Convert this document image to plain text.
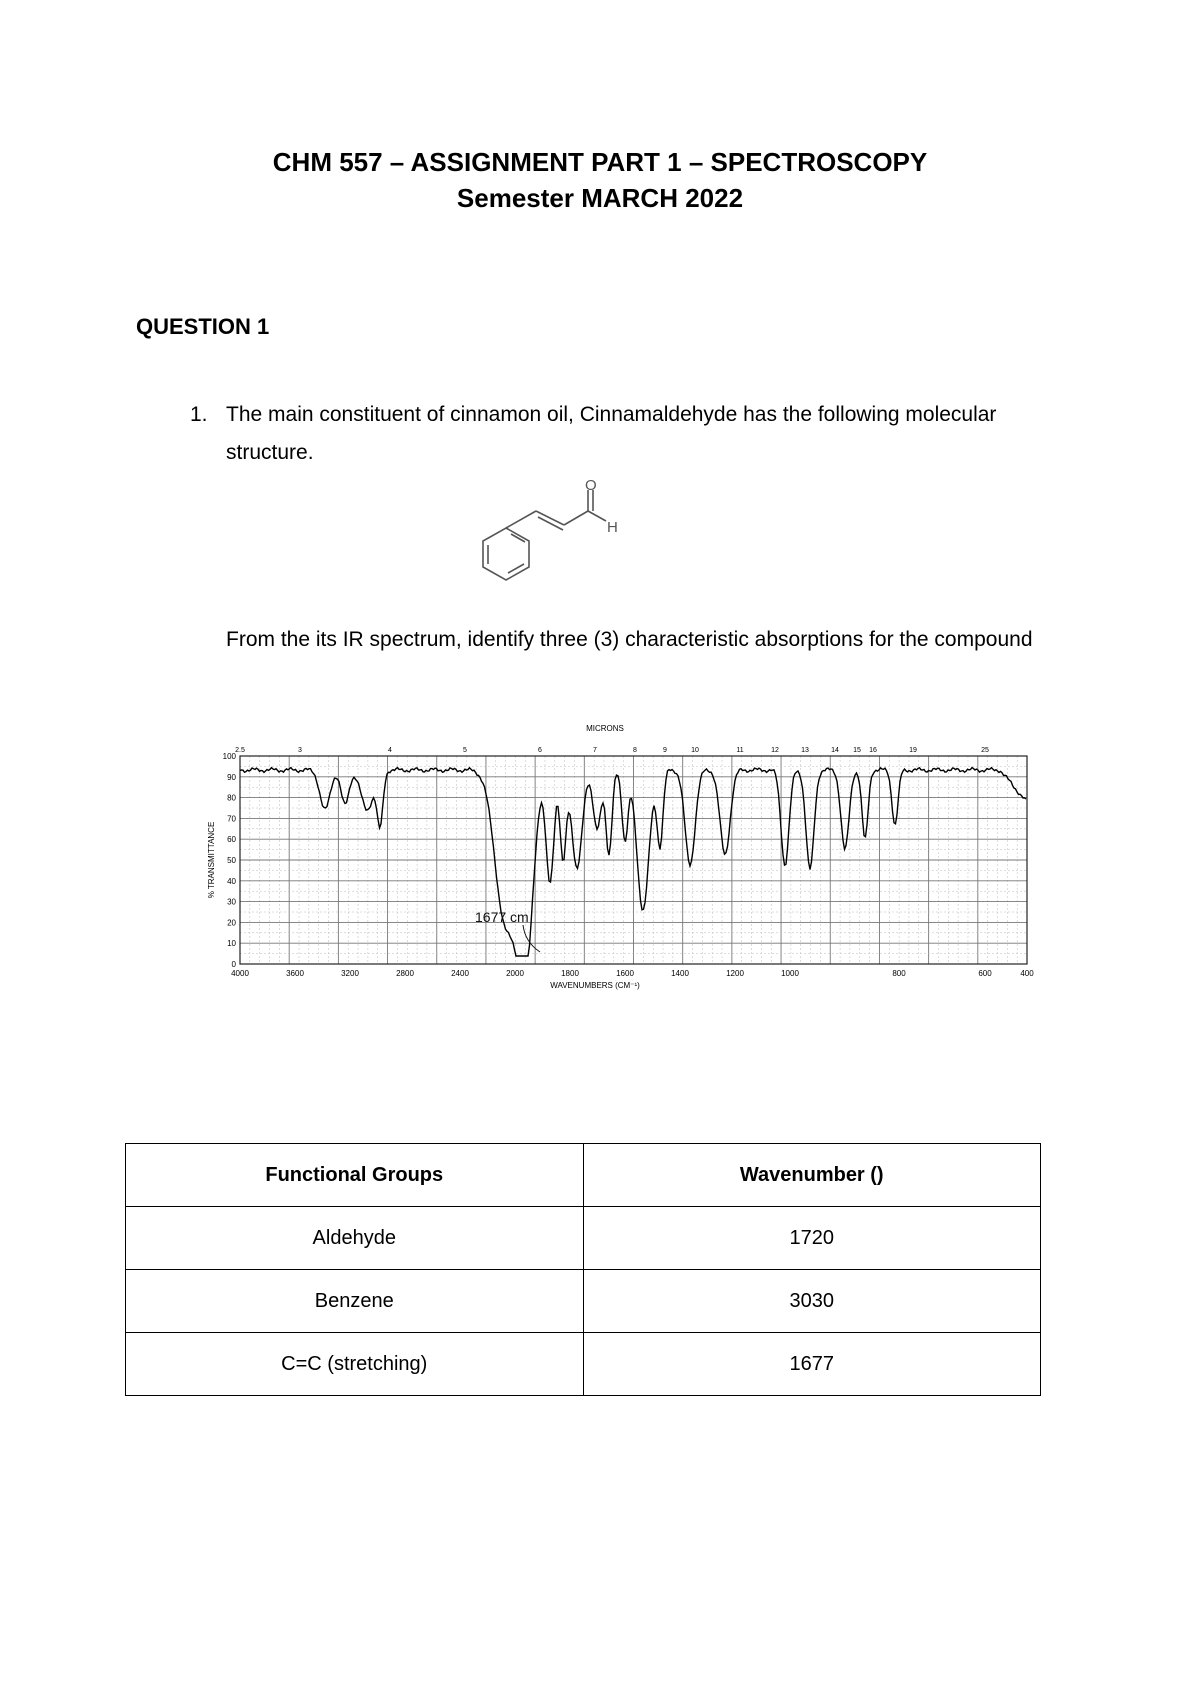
CHM 557 – ASSIGNMENT PART 1 – SPECTROSCOPY
Semester MARCH 2022
QUESTION 1
1. The main constituent of cinnamon oil, Cinnamaldehyde has the following molecular structure.
O
H
From the its IR spectrum, identify three (3) characteristic absorptions for the compound
100
90
80
70
60
50
40
30
20
10
0
4000	3600	3200	2800	2400	2000	1800	1600	1400	1200	1000	800	600	400
2.5	3	4	5	6	7	8	9	10	11	12	13	14 15 16	19	25
MICRONS
WAVENUMBERS (CM⁻¹)
% TRANSMITTANCE
1677 cm
Functional Groups	Wavenumber ()
Aldehyde	1720
Benzene	3030
C=C (stretching)	1677
